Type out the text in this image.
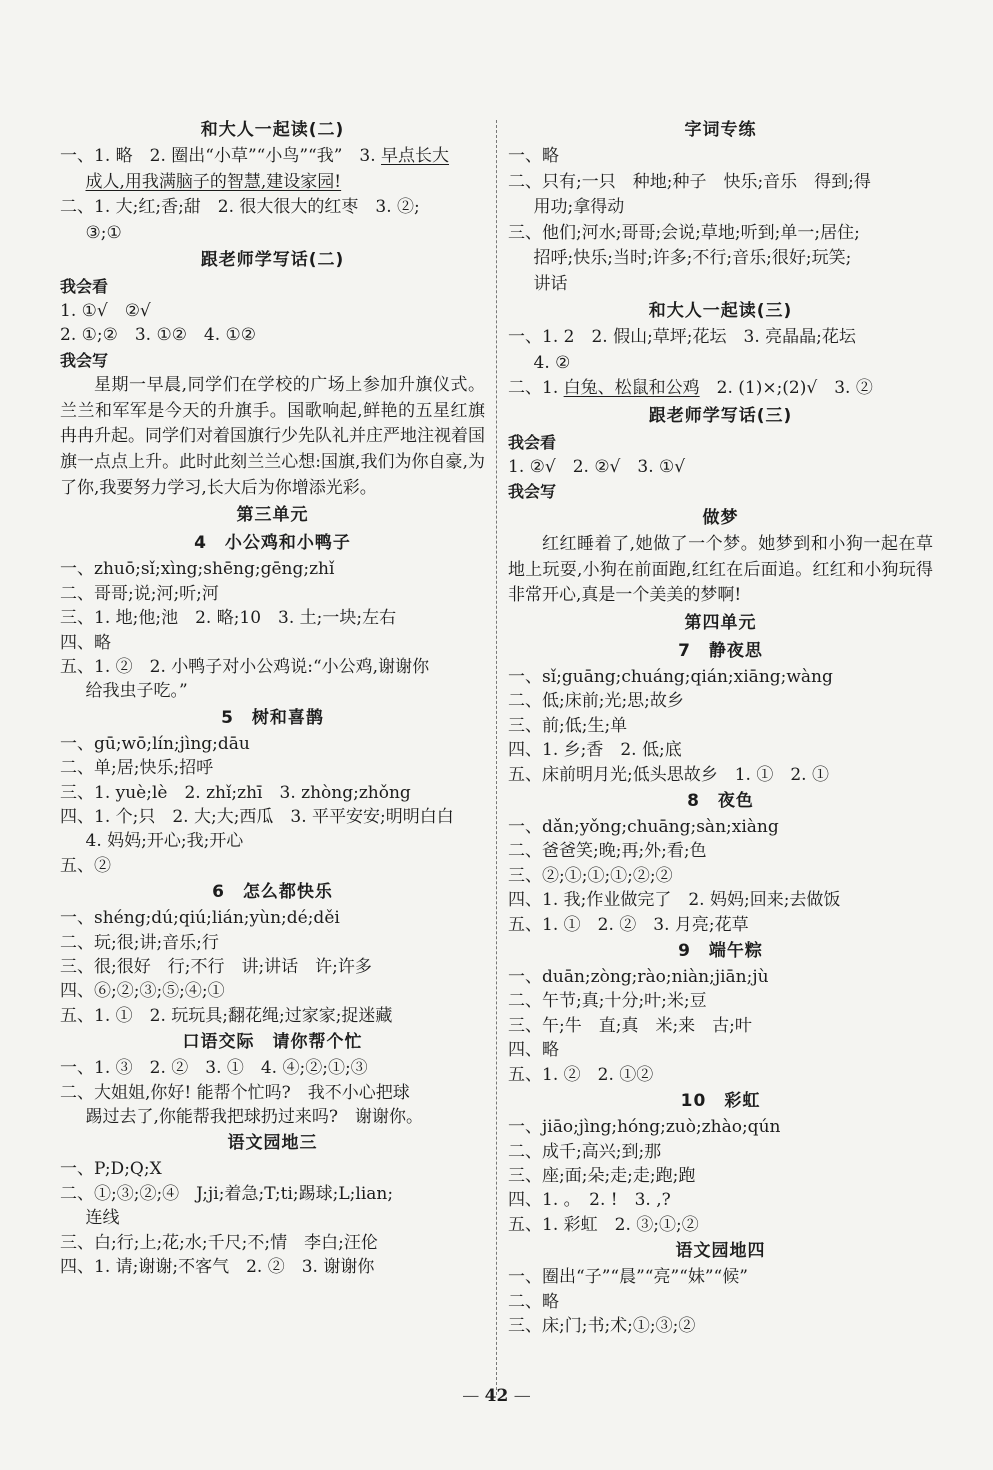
和大人一起读(二)
一、1. 略　2. 圈出“小草”“小鸟”“我”　3. 早点长大
成人,用我满脑子的智慧,建设家园!
二、1. 大;红;香;甜　2. 很大很大的红枣　3. ②;
③;①
跟老师学写话(二)
我会看
1. ①√　②√
2. ①;②　3. ①②　4. ①②
我会写
星期一早晨,同学们在学校的广场上参加升旗仪式。兰兰和军军是今天的升旗手。国歌响起,鲜艳的五星红旗冉冉升起。同学们对着国旗行少先队礼并庄严地注视着国旗一点点上升。此时此刻兰兰心想:国旗,我们为你自豪,为了你,我要努力学习,长大后为你增添光彩。
第三单元
4　小公鸡和小鸭子
一、zhuō;sǐ;xìng;shēng;gēng;zhǐ
二、哥哥;说;河;听;河
三、1. 地;他;池　2. 略;10　3. 土;一块;左右
四、略
五、1. ②　2. 小鸭子对小公鸡说:“小公鸡,谢谢你
给我虫子吃。”
5　树和喜鹊
一、gū;wō;lín;jìng;dāu
二、单;居;快乐;招呼
三、1. yuè;lè　2. zhǐ;zhī　3. zhòng;zhǒng
四、1. 个;只　2. 大;大;西瓜　3. 平平安安;明明白白
4. 妈妈;开心;我;开心
五、②
6　怎么都快乐
一、shéng;dú;qiú;lián;yùn;dé;děi
二、玩;很;讲;音乐;行
三、很;很好　行;不行　讲;讲话　许;许多
四、⑥;②;③;⑤;④;①
五、1. ①　2. 玩玩具;翻花绳;过家家;捉迷藏
口语交际　请你帮个忙
一、1. ③　2. ②　3. ①　4. ④;②;①;③
二、大姐姐,你好! 能帮个忙吗?　我不小心把球
踢过去了,你能帮我把球扔过来吗?　谢谢你。
语文园地三
一、P;D;Q;X
二、①;③;②;④　J;ji;着急;T;ti;踢球;L;lian;
连线
三、白;行;上;花;水;千尺;不;情　李白;汪伦
四、1. 请;谢谢;不客气　2. ②　3. 谢谢你
字词专练
一、略
二、只有;一只　种地;种子　快乐;音乐　得到;得
用功;拿得动
三、他们;河水;哥哥;会说;草地;听到;单一;居住;
招呼;快乐;当时;许多;不行;音乐;很好;玩笑;
讲话
和大人一起读(三)
一、1. 2　2. 假山;草坪;花坛　3. 亮晶晶;花坛
4. ②
二、1. 白兔、松鼠和公鸡　2. (1)×;(2)√　3. ②
跟老师学写话(三)
我会看
1. ②√　2. ②√　3. ①√
我会写
做梦
红红睡着了,她做了一个梦。她梦到和小狗一起在草地上玩耍,小狗在前面跑,红红在后面追。红红和小狗玩得非常开心,真是一个美美的梦啊!
第四单元
7　静夜思
一、sǐ;guāng;chuáng;qián;xiāng;wàng
二、低;床前;光;思;故乡
三、前;低;生;单
四、1. 乡;香　2. 低;底
五、床前明月光;低头思故乡　1. ①　2. ①
8　夜色
一、dǎn;yǒng;chuāng;sàn;xiàng
二、爸爸笑;晚;再;外;看;色
三、②;①;①;①;②;②
四、1. 我;作业做完了　2. 妈妈;回来;去做饭
五、1. ①　2. ②　3. 月亮;花草
9　端午粽
一、duān;zòng;rào;niàn;jiān;jù
二、午节;真;十分;叶;米;豆
三、午;牛　直;真　米;来　古;叶
四、略
五、1. ②　2. ①②
10　彩虹
一、jiāo;jìng;hóng;zuò;zhào;qún
二、成千;高兴;到;那
三、座;面;朵;走;走;跑;跑
四、1. 。　2. !　3. ,?
五、1. 彩虹　2. ③;①;②
语文园地四
一、圈出“子”“晨”“亮”“妹”“候”
二、略
三、床;门;书;术;①;③;②
— 42 —
